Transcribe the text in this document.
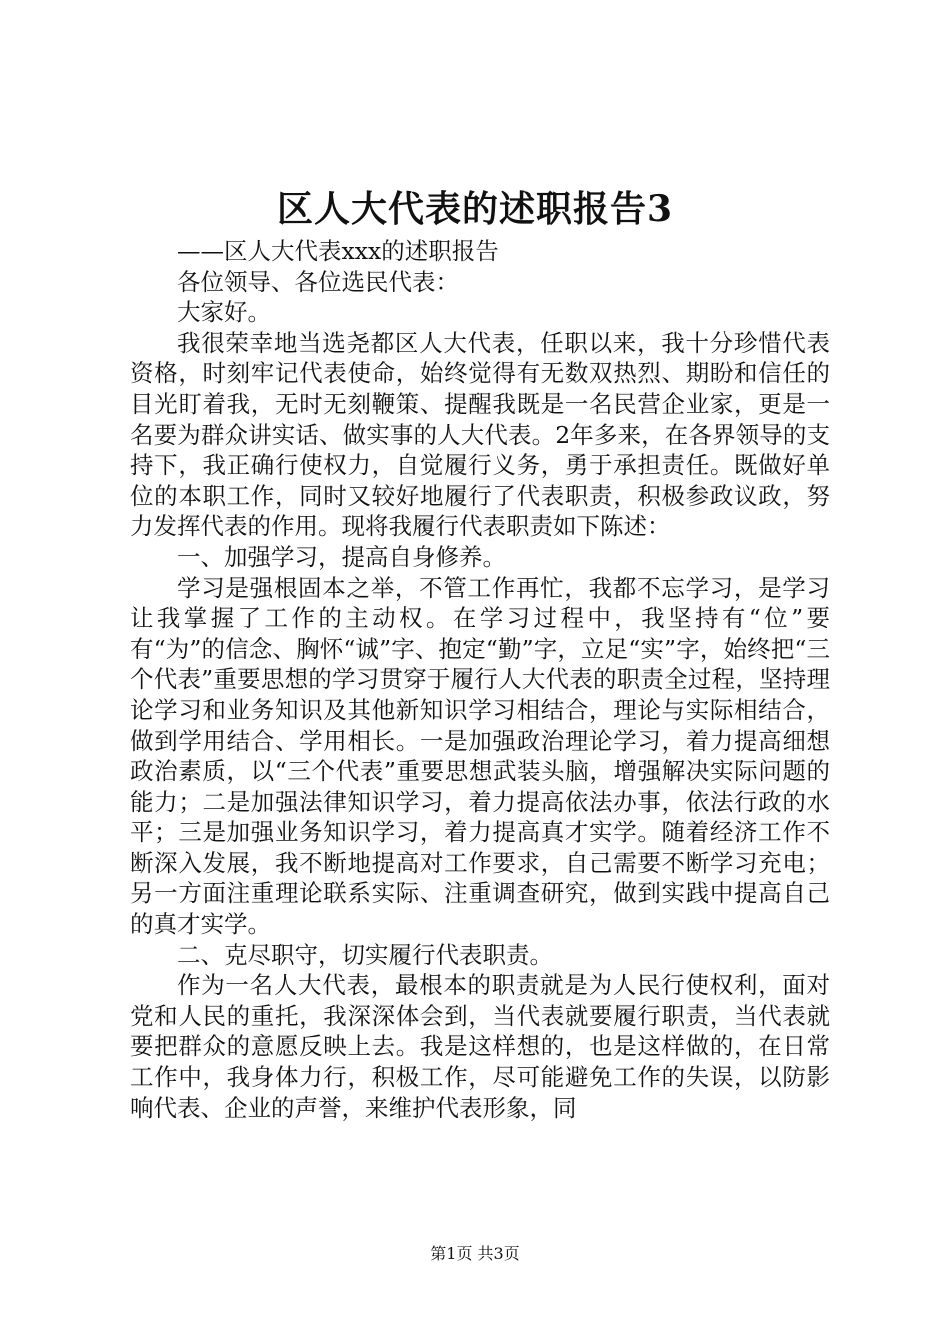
区人大代表的述职报告3

——区人大代表xxx的述职报告

各位领导、各位选民代表：

大家好。

我很荣幸地当选尧都区人大代表，任职以来，我十分珍惜代表资格，时刻牢记代表使命，始终觉得有无数双热烈、期盼和信任的目光盯着我，无时无刻鞭策、提醒我既是一名民营企业家，更是一名要为群众讲实话、做实事的人大代表。2年多来，在各界领导的支持下，我正确行使权力，自觉履行义务，勇于承担责任。既做好单位的本职工作，同时又较好地履行了代表职责，积极参政议政，努力发挥代表的作用。现将我履行代表职责如下陈述：

一、加强学习，提高自身修养。

学习是强根固本之举，不管工作再忙，我都不忘学习，是学习让我掌握了工作的主动权。在学习过程中，我坚持有“位”要有“为”的信念、胸怀“诚”字、抱定“勤”字，立足“实”字，始终把“三个代表”重要思想的学习贯穿于履行人大代表的职责全过程，坚持理论学习和业务知识及其他新知识学习相结合，理论与实际相结合，做到学用结合、学用相长。一是加强政治理论学习，着力提高细想政治素质，以“三个代表”重要思想武装头脑，增强解决实际问题的能力；二是加强法律知识学习，着力提高依法办事，依法行政的水平；三是加强业务知识学习，着力提高真才实学。随着经济工作不断深入发展，我不断地提高对工作要求，自己需要不断学习充电；另一方面注重理论联系实际、注重调查研究，做到实践中提高自己的真才实学。

二、克尽职守，切实履行代表职责。

作为一名人大代表，最根本的职责就是为人民行使权利，面对党和人民的重托，我深深体会到，当代表就要履行职责，当代表就要把群众的意愿反映上去。我是这样想的，也是这样做的，在日常工作中，我身体力行，积极工作，尽可能避免工作的失误，以防影响代表、企业的声誉，来维护代表形象，同

第1页 共3页
